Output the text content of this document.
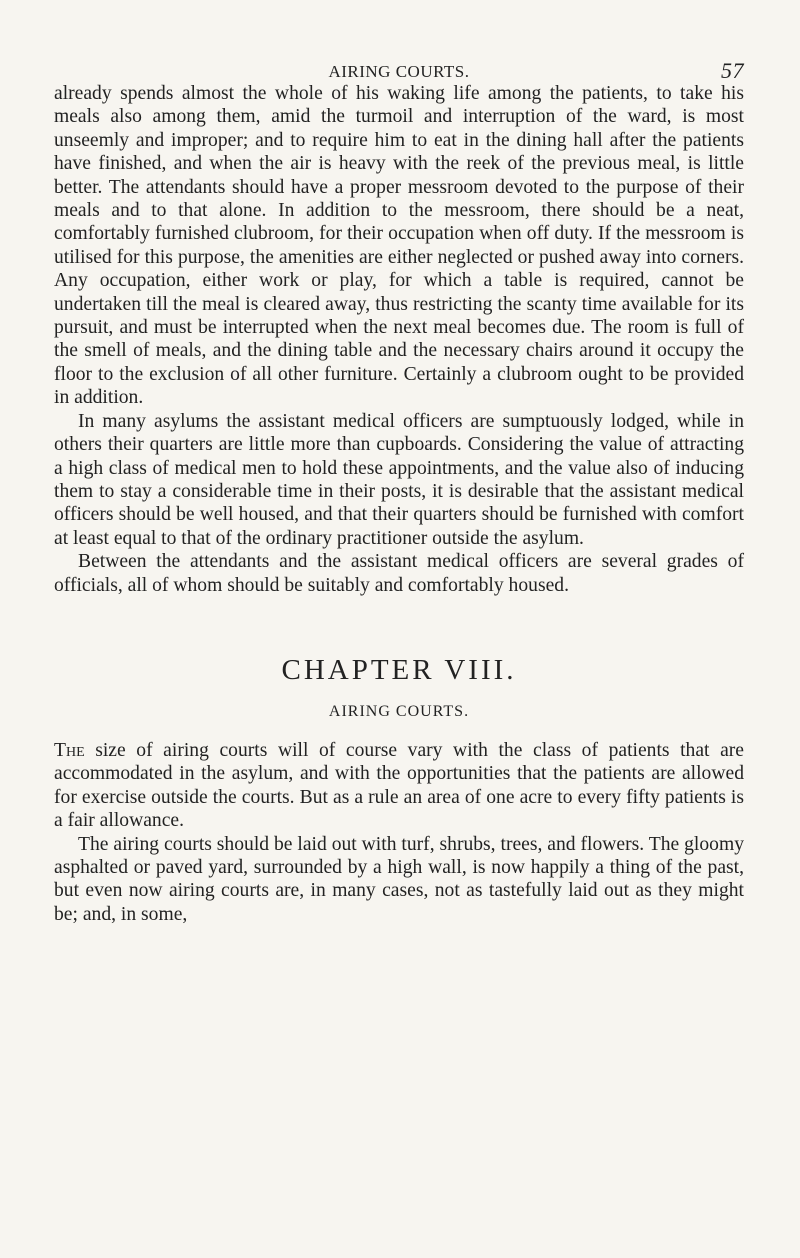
AIRING COURTS.	57

already spends almost the whole of his waking life among the patients, to take his meals also among them, amid the turmoil and interruption of the ward, is most unseemly and improper; and to require him to eat in the dining hall after the patients have finished, and when the air is heavy with the reek of the previous meal, is little better. The attendants should have a proper messroom devoted to the purpose of their meals and to that alone. In addition to the messroom, there should be a neat, comfortably furnished clubroom, for their occupation when off duty. If the messroom is utilised for this purpose, the amenities are either neglected or pushed away into corners. Any occupation, either work or play, for which a table is required, cannot be undertaken till the meal is cleared away, thus restricting the scanty time available for its pursuit, and must be interrupted when the next meal becomes due. The room is full of the smell of meals, and the dining table and the necessary chairs around it occupy the floor to the exclusion of all other furniture. Certainly a clubroom ought to be provided in addition.

In many asylums the assistant medical officers are sumptuously lodged, while in others their quarters are little more than cupboards. Considering the value of attracting a high class of medical men to hold these appointments, and the value also of inducing them to stay a considerable time in their posts, it is desirable that the assistant medical officers should be well housed, and that their quarters should be furnished with comfort at least equal to that of the ordinary practitioner outside the asylum.

Between the attendants and the assistant medical officers are several grades of officials, all of whom should be suitably and comfortably housed.

CHAPTER VIII.
AIRING COURTS.

The size of airing courts will of course vary with the class of patients that are accommodated in the asylum, and with the opportunities that the patients are allowed for exercise outside the courts. But as a rule an area of one acre to every fifty patients is a fair allowance.

The airing courts should be laid out with turf, shrubs, trees, and flowers. The gloomy asphalted or paved yard, surrounded by a high wall, is now happily a thing of the past, but even now airing courts are, in many cases, not as tastefully laid out as they might be; and, in some,
